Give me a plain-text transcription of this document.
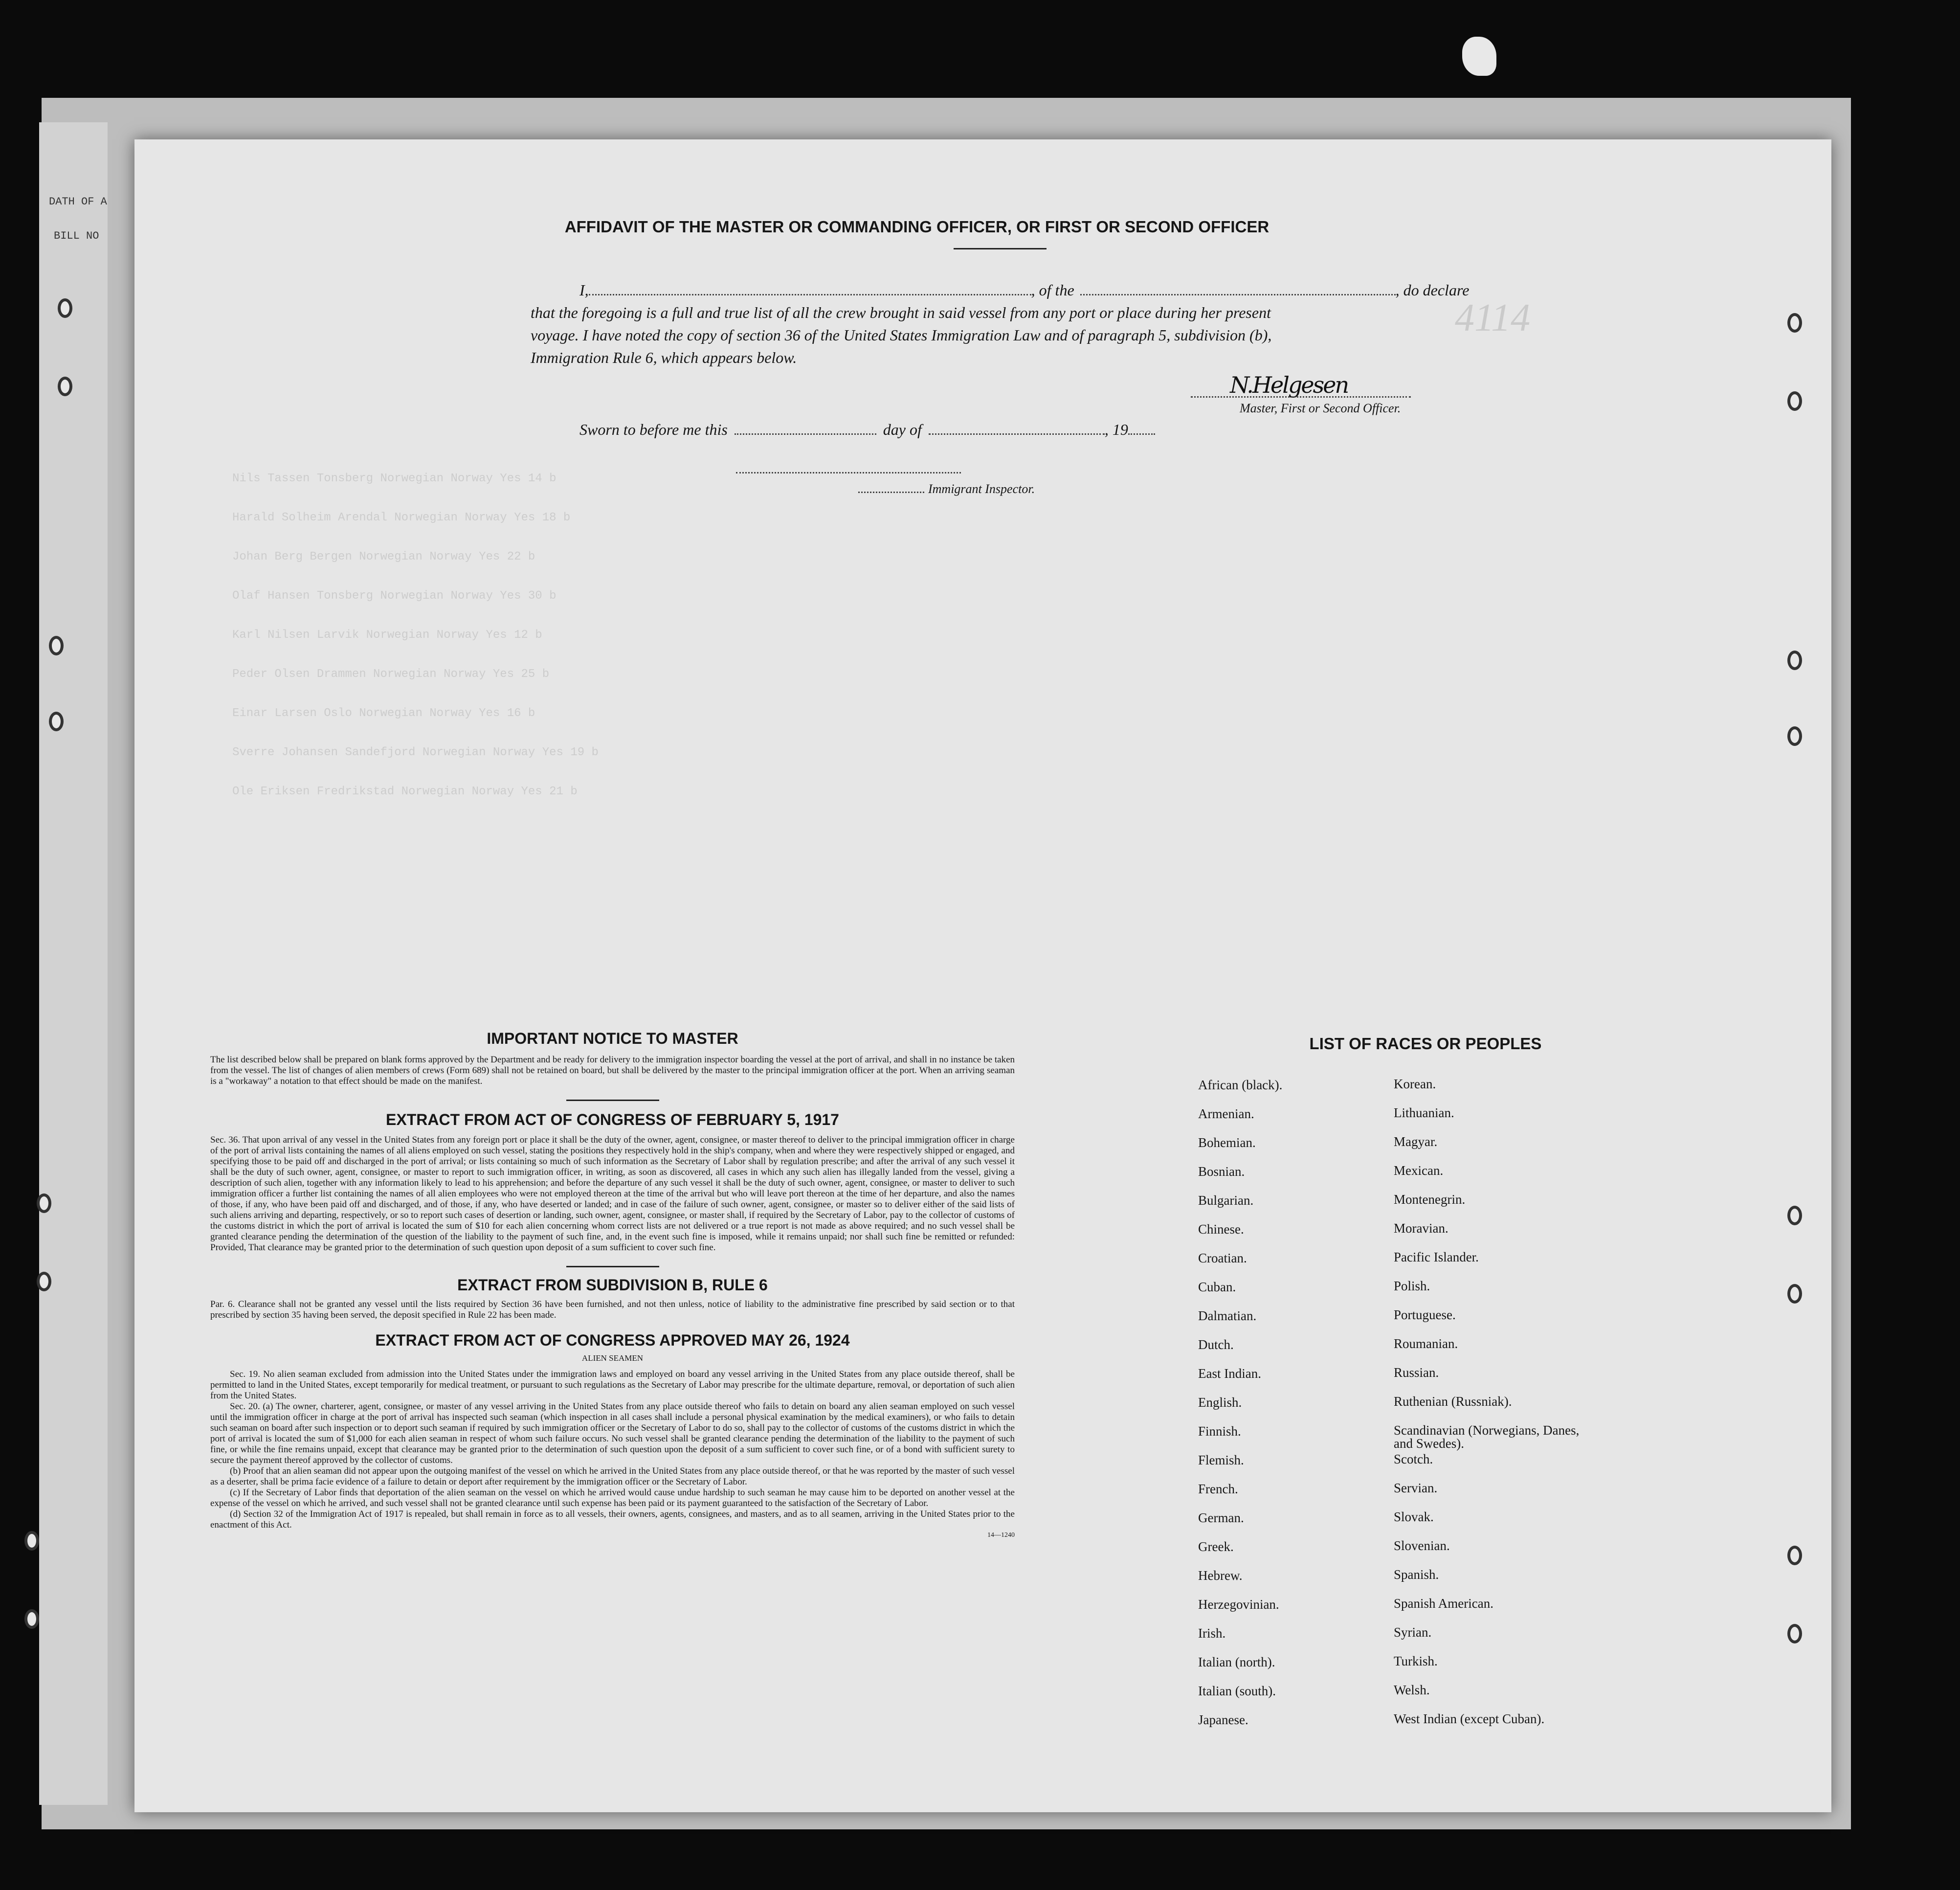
DATH OF A
BILL NO
Nils Tassen Tonsberg Norwegian Norway Yes 14 b
Harald Solheim Arendal Norwegian Norway Yes 18 b
Johan Berg Bergen Norwegian Norway Yes 22 b
Olaf Hansen Tonsberg Norwegian Norway Yes 30 b
Karl Nilsen Larvik Norwegian Norway Yes 12 b
Peder Olsen Drammen Norwegian Norway Yes 25 b
Einar Larsen Oslo Norwegian Norway Yes 16 b
Sverre Johansen Sandefjord Norwegian Norway Yes 19 b
Ole Eriksen Fredrikstad Norwegian Norway Yes 21 b
4114
AFFIDAVIT OF THE MASTER OR COMMANDING OFFICER, OR FIRST OR SECOND OFFICER
I,	, of the	, do declare
that the foregoing is a full and true list of all the crew brought in said vessel from any port or place during her present
voyage. I have noted the copy of section 36 of the United States Immigration Law and of paragraph 5, subdivision (b),
Immigration Rule 6, which appears below.
N.Helgesen
Master, First or Second Officer.
Sworn to before me this	day of	, 19
Immigrant Inspector.
IMPORTANT NOTICE TO MASTER
The list described below shall be prepared on blank forms approved by the Department and be ready for delivery to the immigration inspector boarding the vessel at the port of arrival, and shall in no instance be taken from the vessel. The list of changes of alien members of crews (Form 689) shall not be retained on board, but shall be delivered by the master to the principal immigration officer at the port. When an arriving seaman is a "workaway" a notation to that effect should be made on the manifest.
EXTRACT FROM ACT OF CONGRESS OF FEBRUARY 5, 1917
Sec. 36. That upon arrival of any vessel in the United States from any foreign port or place it shall be the duty of the owner, agent, consignee, or master thereof to deliver to the principal immigration officer in charge of the port of arrival lists containing the names of all aliens employed on such vessel, stating the positions they respectively hold in the ship's company, when and where they were respectively shipped or engaged, and specifying those to be paid off and discharged in the port of arrival; or lists containing so much of such information as the Secretary of Labor shall by regulation prescribe; and after the arrival of any such vessel it shall be the duty of such owner, agent, consignee, or master to report to such immigration officer, in writing, as soon as discovered, all cases in which any such alien has illegally landed from the vessel, giving a description of such alien, together with any information likely to lead to his apprehension; and before the departure of any such vessel it shall be the duty of such owner, agent, consignee, or master to deliver to such immigration officer a further list containing the names of all alien employees who were not employed thereon at the time of the arrival but who will leave port thereon at the time of her departure, and also the names of those, if any, who have been paid off and discharged, and of those, if any, who have deserted or landed; and in case of the failure of such owner, agent, consignee, or master so to deliver either of the said lists of such aliens arriving and departing, respectively, or so to report such cases of desertion or landing, such owner, agent, consignee, or master shall, if required by the Secretary of Labor, pay to the collector of customs of the customs district in which the port of arrival is located the sum of $10 for each alien concerning whom correct lists are not delivered or a true report is not made as above required; and no such vessel shall be granted clearance pending the determination of the question of the liability to the payment of such fine, and, in the event such fine is imposed, while it remains unpaid; nor shall such fine be remitted or refunded: Provided, That clearance may be granted prior to the determination of such question upon deposit of a sum sufficient to cover such fine.
EXTRACT FROM SUBDIVISION B, RULE 6
Par. 6. Clearance shall not be granted any vessel until the lists required by Section 36 have been furnished, and not then unless, notice of liability to the administrative fine prescribed by said section or to that prescribed by section 35 having been served, the deposit specified in Rule 22 has been made.
EXTRACT FROM ACT OF CONGRESS APPROVED MAY 26, 1924
ALIEN SEAMEN
Sec. 19. No alien seaman excluded from admission into the United States under the immigration laws and employed on board any vessel arriving in the United States from any place outside thereof, shall be permitted to land in the United States, except temporarily for medical treatment, or pursuant to such regulations as the Secretary of Labor may prescribe for the ultimate departure, removal, or deportation of such alien from the United States.
Sec. 20. (a) The owner, charterer, agent, consignee, or master of any vessel arriving in the United States from any place outside thereof who fails to detain on board any alien seaman employed on such vessel until the immigration officer in charge at the port of arrival has inspected such seaman (which inspection in all cases shall include a personal physical examination by the medical examiners), or who fails to detain such seaman on board after such inspection or to deport such seaman if required by such immigration officer or the Secretary of Labor to do so, shall pay to the collector of customs of the customs district in which the port of arrival is located the sum of $1,000 for each alien seaman in respect of whom such failure occurs. No such vessel shall be granted clearance pending the determination of the liability to the payment of such fine, or while the fine remains unpaid, except that clearance may be granted prior to the determination of such question upon the deposit of a sum sufficient to cover such fine, or of a bond with sufficient surety to secure the payment thereof approved by the collector of customs.
(b) Proof that an alien seaman did not appear upon the outgoing manifest of the vessel on which he arrived in the United States from any place outside thereof, or that he was reported by the master of such vessel as a deserter, shall be prima facie evidence of a failure to detain or deport after requirement by the immigration officer or the Secretary of Labor.
(c) If the Secretary of Labor finds that deportation of the alien seaman on the vessel on which he arrived would cause undue hardship to such seaman he may cause him to be deported on another vessel at the expense of the vessel on which he arrived, and such vessel shall not be granted clearance until such expense has been paid or its payment guaranteed to the satisfaction of the Secretary of Labor.
(d) Section 32 of the Immigration Act of 1917 is repealed, but shall remain in force as to all vessels, their owners, agents, consignees, and masters, and as to all seamen, arriving in the United States prior to the enactment of this Act.
14—1240
LIST OF RACES OR PEOPLES
African (black).	Korean.
Armenian.	Lithuanian.
Bohemian.	Magyar.
Bosnian.	Mexican.
Bulgarian.	Montenegrin.
Chinese.	Moravian.
Croatian.	Pacific Islander.
Cuban.	Polish.
Dalmatian.	Portuguese.
Dutch.	Roumanian.
East Indian.	Russian.
English.	Ruthenian (Russniak).
Finnish.	Scandinavian (Norwegians, Danes, and Swedes).
Flemish.	Scotch.
French.	Servian.
German.	Slovak.
Greek.	Slovenian.
Hebrew.	Spanish.
Herzegovinian.	Spanish American.
Irish.	Syrian.
Italian (north).	Turkish.
Italian (south).	Welsh.
Japanese.	West Indian (except Cuban).
